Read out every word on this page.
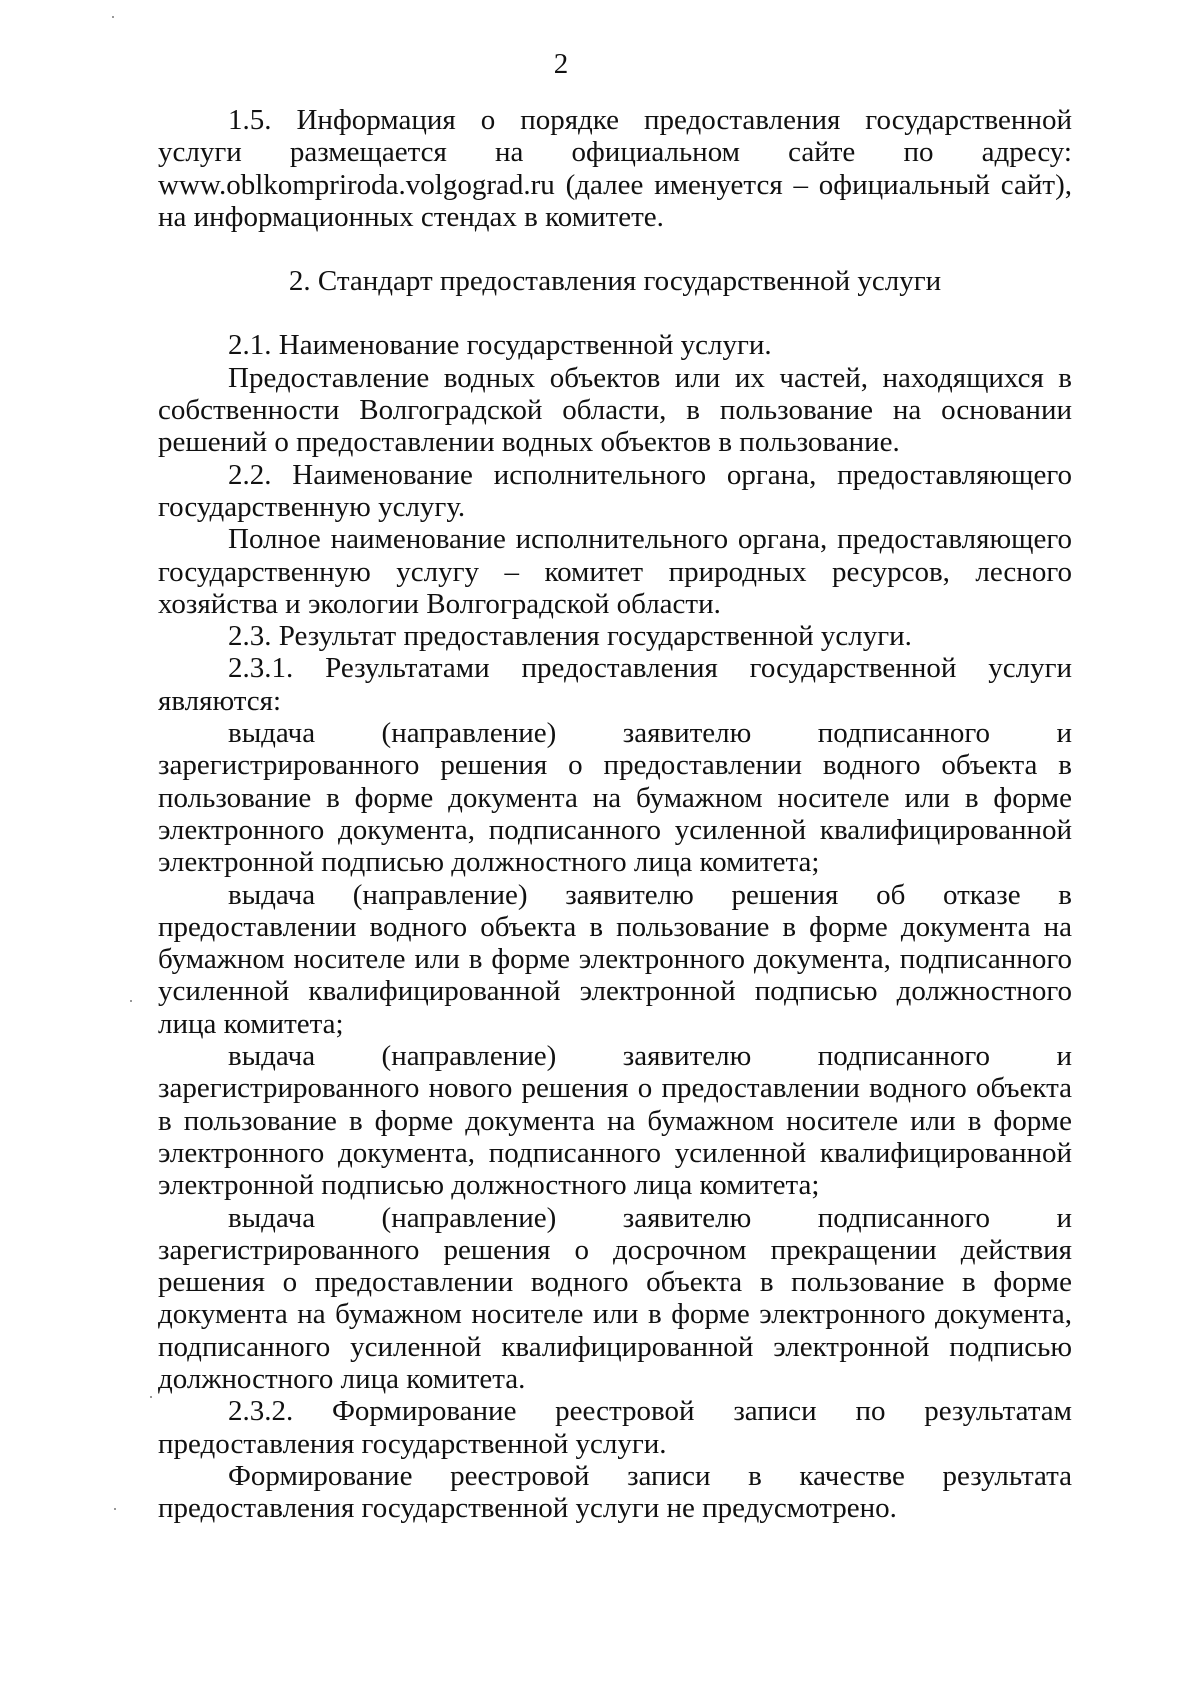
2

1.5. Информация о порядке предоставления государственной услуги размещается на официальном сайте по адресу: www.oblkompriroda.volgograd.ru (далее именуется – официальный сайт), на информационных стендах в комитете.

2. Стандарт предоставления государственной услуги

2.1. Наименование государственной услуги.

Предоставление водных объектов или их частей, находящихся в собственности Волгоградской области, в пользование на основании решений о предоставлении водных объектов в пользование.

2.2. Наименование исполнительного органа, предоставляющего государственную услугу.

Полное наименование исполнительного органа, предоставляющего государственную услугу – комитет природных ресурсов, лесного хозяйства и экологии Волгоградской области.

2.3. Результат предоставления государственной услуги.

2.3.1. Результатами предоставления государственной услуги являются:

выдача (направление) заявителю подписанного и зарегистрированного решения о предоставлении водного объекта в пользование в форме документа на бумажном носителе или в форме электронного документа, подписанного усиленной квалифицированной электронной подписью должностного лица комитета;

выдача (направление) заявителю решения об отказе в предоставлении водного объекта в пользование в форме документа на бумажном носителе или в форме электронного документа, подписанного усиленной квалифицированной электронной подписью должностного лица комитета;

выдача (направление) заявителю подписанного и зарегистрированного нового решения о предоставлении водного объекта в пользование в форме документа на бумажном носителе или в форме электронного документа, подписанного усиленной квалифицированной электронной подписью должностного лица комитета;

выдача (направление) заявителю подписанного и зарегистрированного решения о досрочном прекращении действия решения о предоставлении водного объекта в пользование в форме документа на бумажном носителе или в форме электронного документа, подписанного усиленной квалифицированной электронной подписью должностного лица комитета.

2.3.2. Формирование реестровой записи по результатам предоставления государственной услуги.

Формирование реестровой записи в качестве результата предоставления государственной услуги не предусмотрено.
